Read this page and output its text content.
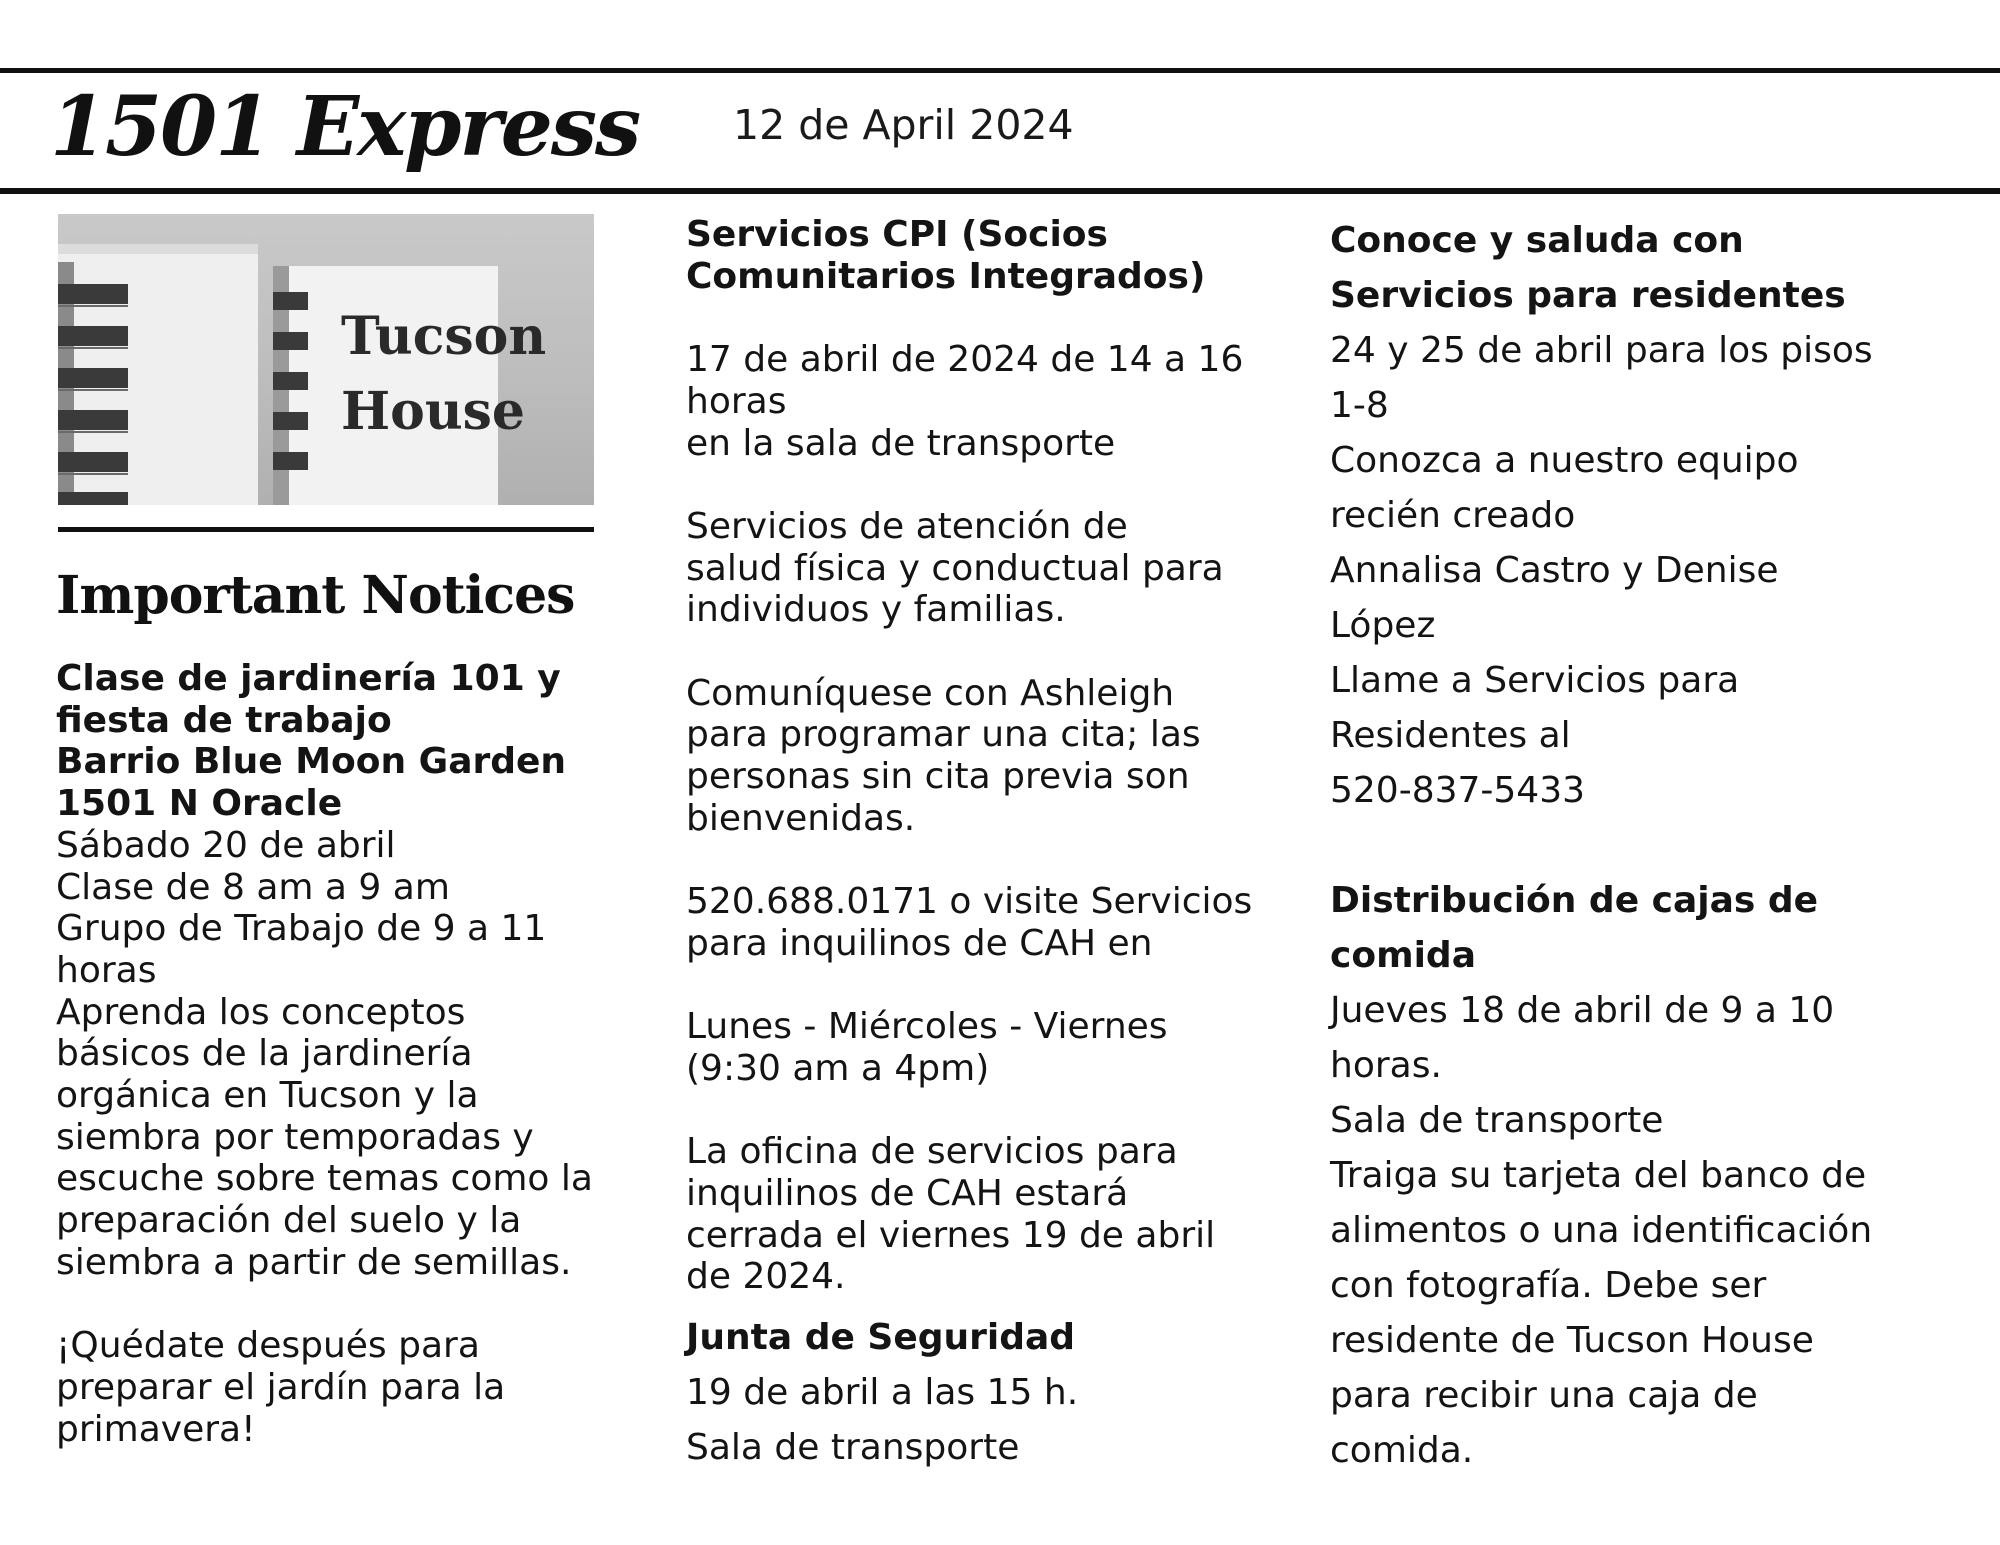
1501 Express 12 de April 2024
Tucson
House
Important Notices

Clase de jardinería 101 y

fiesta de trabajo

Barrio Blue Moon Garden

1501 N Oracle

Sábado 20 de abril

Clase de 8 am a 9 am

Grupo de Trabajo de 9 a 11

horas

Aprenda los conceptos

básicos de la jardinería

orgánica en Tucson y la

siembra por temporadas y

escuche sobre temas como la

preparación del suelo y la

siembra a partir de semillas.

¡Quédate después para

preparar el jardín para la

primavera!

Servicios CPI (Socios

Comunitarios Integrados)

17 de abril de 2024 de 14 a 16

horas

en la sala de transporte

Servicios de atención de

salud física y conductual para

individuos y familias.

Comuníquese con Ashleigh

para programar una cita; las

personas sin cita previa son

bienvenidas.

520.688.0171 o visite Servicios

para inquilinos de CAH en

Lunes - Miércoles - Viernes

(9:30 am a 4pm)

La oficina de servicios para

inquilinos de CAH estará

cerrada el viernes 19 de abril

de 2024.

Junta de Seguridad

19 de abril a las 15 h.

Sala de transporte

Conoce y saluda con

Servicios para residentes

24 y 25 de abril para los pisos

1-8

Conozca a nuestro equipo

recién creado

Annalisa Castro y Denise

López

Llame a Servicios para

Residentes al

520-837-5433

Distribución de cajas de

comida

Jueves 18 de abril de 9 a 10

horas.

Sala de transporte

Traiga su tarjeta del banco de

alimentos o una identificación

con fotografía. Debe ser

residente de Tucson House

para recibir una caja de

comida.
